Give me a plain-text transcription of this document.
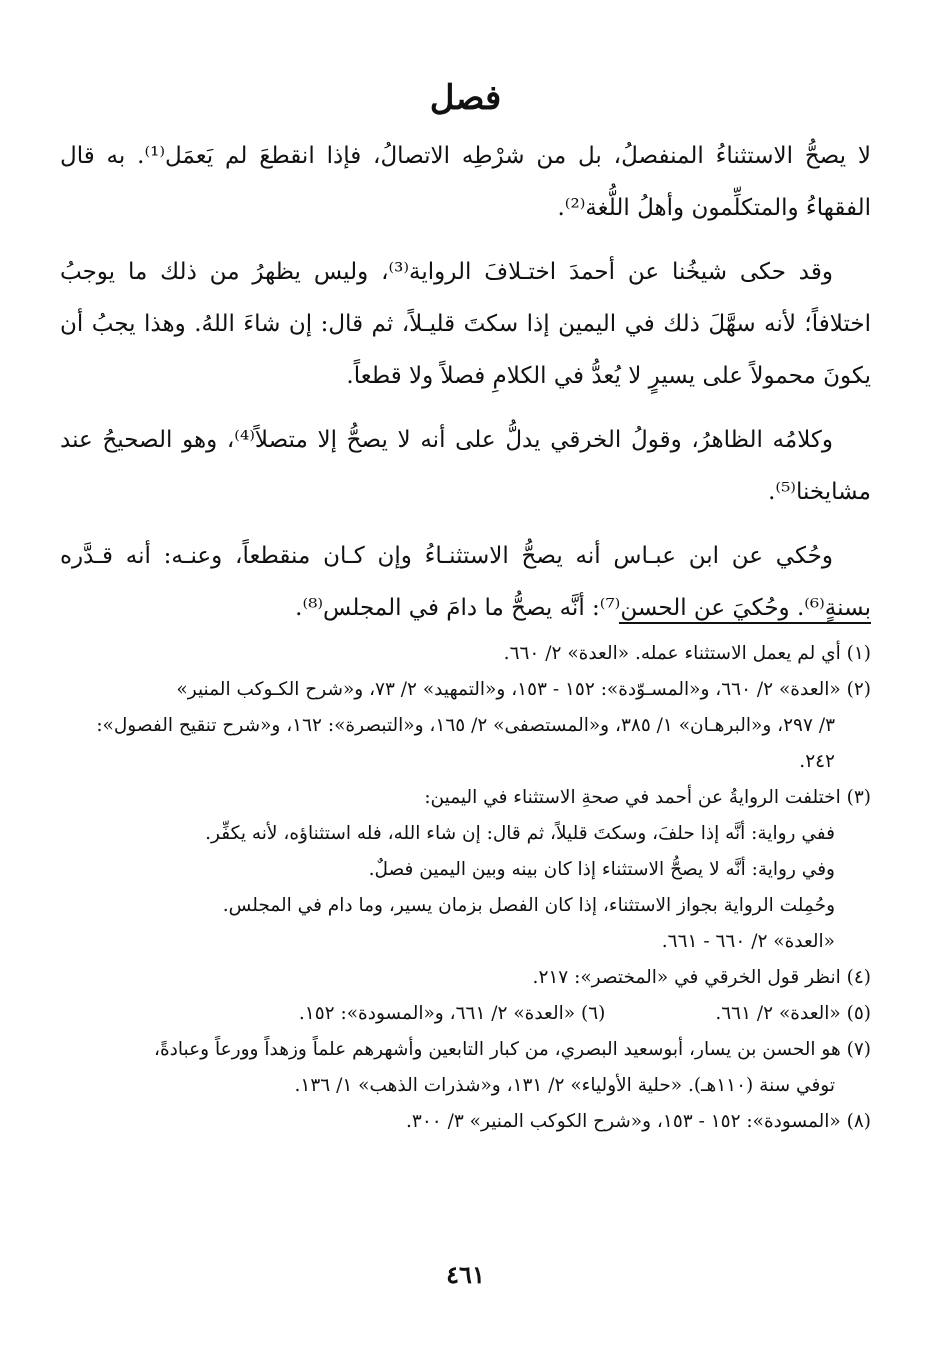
فصل

لا يصحُّ الاستثناءُ المنفصلُ، بل من شرْطِه الاتصالُ، فإذا انقطعَ لم يَعمَل⁽¹⁾. به قال الفقهاءُ والمتكلِّمون وأهلُ اللُّغة⁽²⁾.

وقد حكى شيخُنا عن أحمدَ اختـلافَ الرواية⁽³⁾، وليس يظهرُ من ذلك ما يوجبُ اختلافاً؛ لأنه سهَّلَ ذلك في اليمين إذا سكتَ قليـلاً، ثم قال: إن شاءَ اللهُ. وهذا يجبُ أن يكونَ محمولاً على يسيرٍ لا يُعدُّ في الكلامِ فصلاً ولا قطعاً.

وكلامُه الظاهرُ، وقولُ الخرقي يدلُّ على أنه لا يصحُّ إلا متصلاً⁽⁴⁾، وهو الصحيحُ عند مشايخنا⁽⁵⁾.

وحُكي عن ابن عبـاس أنه يصحُّ الاستثنـاءُ وإن كـان منقطعاً، وعنـه: أنه قـدَّره بسنةٍ⁽⁶⁾. وحُكيَ عن الحسن⁽⁷⁾: أنَّه يصحُّ ما دامَ في المجلس⁽⁸⁾.

(١) أي لم يعمل الاستثناء عمله. «العدة» ٢/ ٦٦٠.

(٢) «العدة» ٢/ ٦٦٠، و«المسـوّدة»: ١٥٢ - ١٥٣، و«التمهيد» ٢/ ٧٣، و«شرح الكـوكب المنير»

٣/ ٢٩٧، و«البرهـان» ١/ ٣٨٥، و«المستصفى» ٢/ ١٦٥، و«التبصرة»: ١٦٢، و«شرح تنقيح الفصول»: ٢٤٢.

(٣) اختلفت الروايةُ عن أحمد في صحةِ الاستثناء في اليمين:

ففي رواية: أنَّه إذا حلفَ، وسكتَ قليلاً، ثم قال: إن شاء الله، فله استثناؤه، لأنه يكفِّر.

وفي رواية: أنَّه لا يصحُّ الاستثناء إذا كان بينه وبين اليمين فصلٌ.

وحُمِلت الرواية بجواز الاستثناء، إذا كان الفصل بزمان يسير، وما دام في المجلس.

«العدة» ٢/ ٦٦٠ - ٦٦١.

(٤) انظر قول الخرقي في «المختصر»: ٢١٧.

(٥) «العدة» ٢/ ٦٦١.

(٦) «العدة» ٢/ ٦٦١، و«المسودة»: ١٥٢.

(٧) هو الحسن بن يسار، أبوسعيد البصري، من كبار التابعين وأشهرهم علماً وزهداً وورعاً وعبادةً،

توفي سنة (١١٠هـ). «حلية الأولياء» ٢/ ١٣١، و«شذرات الذهب» ١/ ١٣٦.

(٨) «المسودة»: ١٥٢ - ١٥٣، و«شرح الكوكب المنير» ٣/ ٣٠٠.

٤٦١
